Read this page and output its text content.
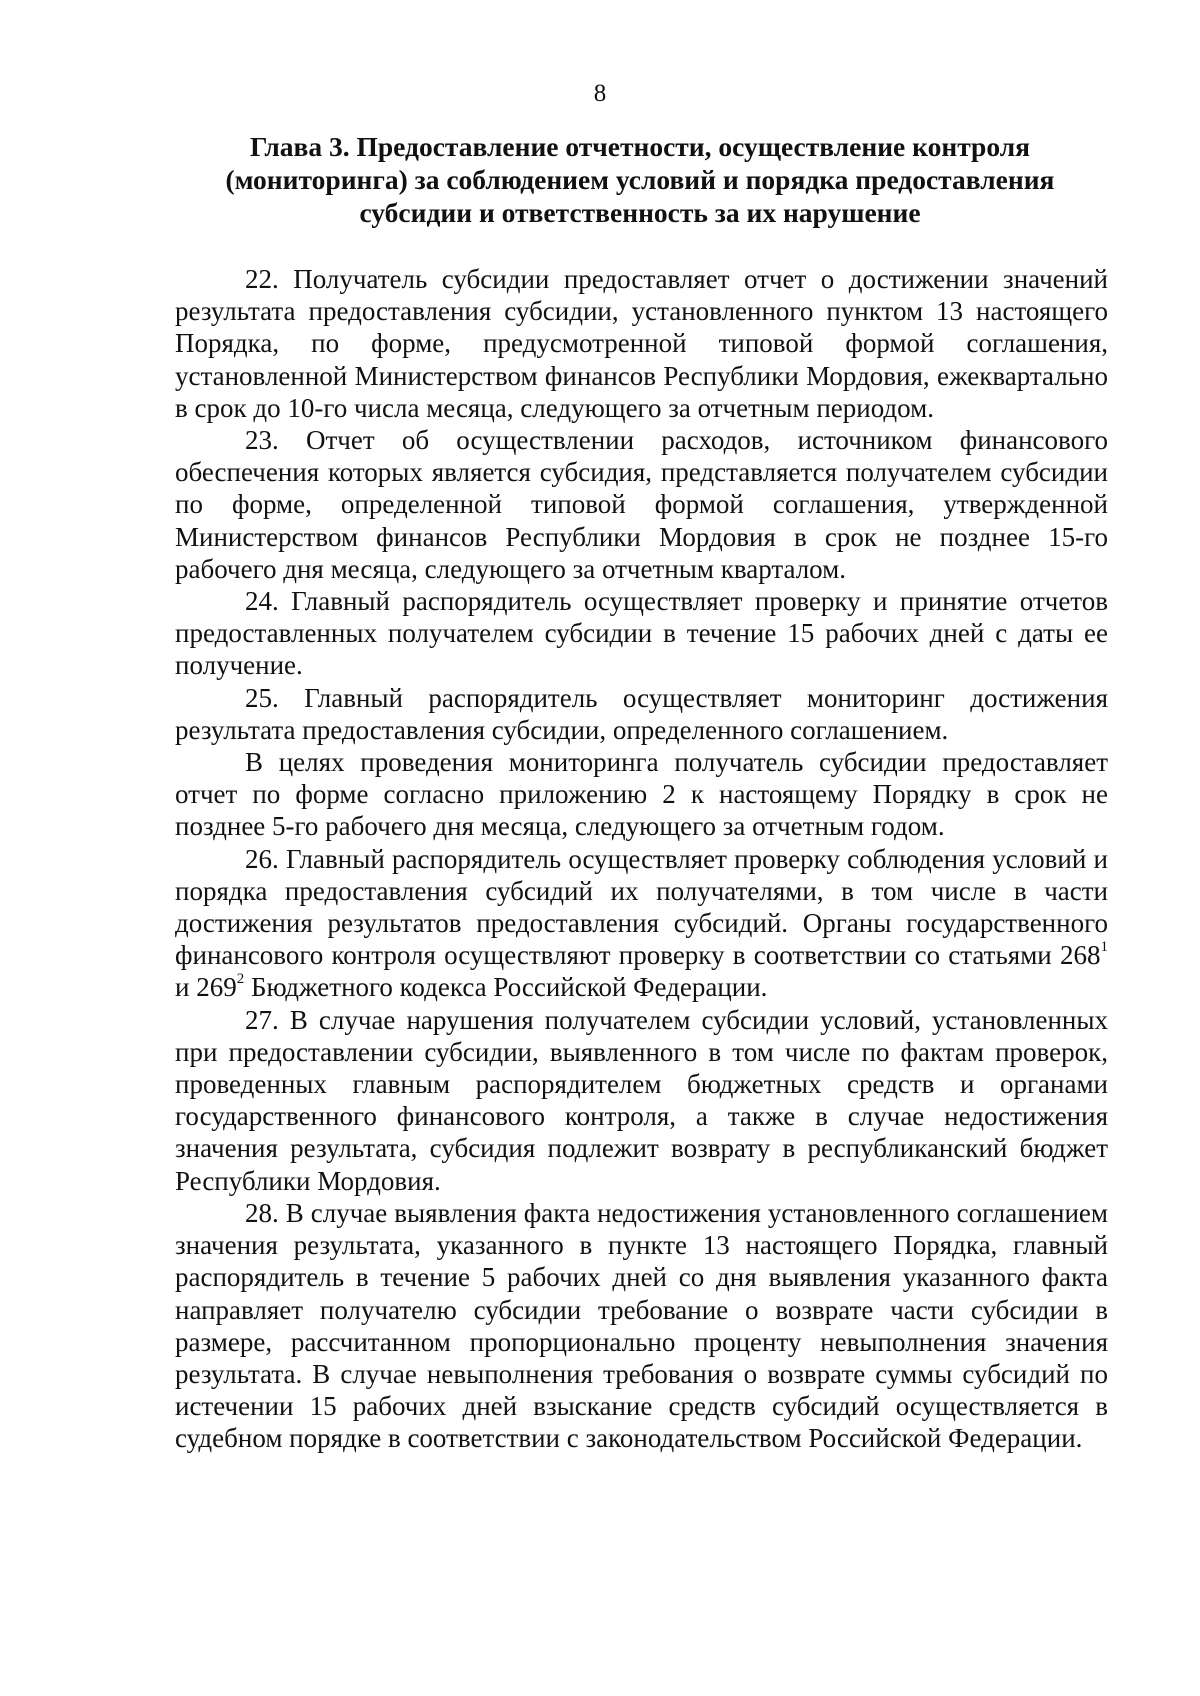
8
Глава 3. Предоставление отчетности, осуществление контроля (мониторинга) за соблюдением условий и порядка предоставления субсидии и ответственность за их нарушение

22. Получатель субсидии предоставляет отчет о достижении значений результата предоставления субсидии, установленного пунктом 13 настоящего Порядка, по форме, предусмотренной типовой формой соглашения, установленной Министерством финансов Республики Мордовия, ежеквартально в срок до 10-го числа месяца, следующего за отчетным периодом.

23. Отчет об осуществлении расходов, источником финансового обеспечения которых является субсидия, представляется получателем субсидии по форме, определенной типовой формой соглашения, утвержденной Министерством финансов Республики Мордовия в срок не позднее 15-го рабочего дня месяца, следующего за отчетным кварталом.

24. Главный распорядитель осуществляет проверку и принятие отчетов предоставленных получателем субсидии в течение 15 рабочих дней с даты ее получение.

25. Главный распорядитель осуществляет мониторинг достижения результата предоставления субсидии, определенного соглашением.

В целях проведения мониторинга получатель субсидии предоставляет отчет по форме согласно приложению 2 к настоящему Порядку в срок не позднее 5-го рабочего дня месяца, следующего за отчетным годом.

26. Главный распорядитель осуществляет проверку соблюдения условий и порядка предоставления субсидий их получателями, в том числе в части достижения результатов предоставления субсидий. Органы государственного финансового контроля осуществляют проверку в соответствии со статьями $268^1$ и $269^2$ Бюджетного кодекса Российской Федерации.

27. В случае нарушения получателем субсидии условий, установленных при предоставлении субсидии, выявленного в том числе по фактам проверок, проведенных главным распорядителем бюджетных средств и органами государственного финансового контроля, а также в случае недостижения значения результата, субсидия подлежит возврату в республиканский бюджет Республики Мордовия.

28. В случае выявления факта недостижения установленного соглашением значения результата, указанного в пункте 13 настоящего Порядка, главный распорядитель в течение 5 рабочих дней со дня выявления указанного факта направляет получателю субсидии требование о возврате части субсидии в размере, рассчитанном пропорционально проценту невыполнения значения результата. В случае невыполнения требования о возврате суммы субсидий по истечении 15 рабочих дней взыскание средств субсидий осуществляется в судебном порядке в соответствии с законодательством Российской Федерации.
